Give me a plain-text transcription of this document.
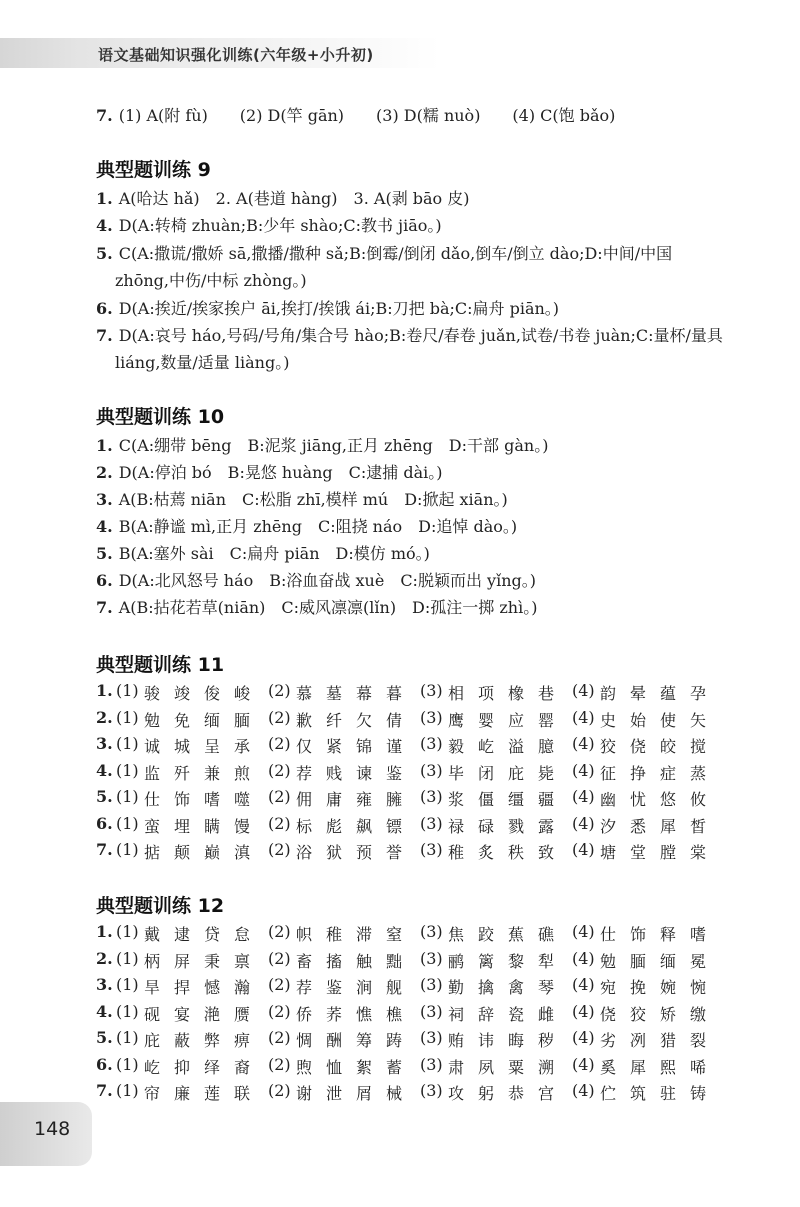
语文基础知识强化训练(六年级+小升初)
7. (1) A(附 fù)　　(2) D(竿 gān)　　(3) D(糯 nuò)　　(4) C(饱 bǎo)
典型题训练 9
1. A(哈达 hǎ)　2. A(巷道 hàng)　3. A(剥 bāo 皮)
4. D(A:转椅 zhuàn;B:少年 shào;C:教书 jiāo。)
5. C(A:撒谎/撒娇 sā,撒播/撒种 sǎ;B:倒霉/倒闭 dǎo,倒车/倒立 dào;D:中间/中国
zhōng,中伤/中标 zhòng。)
6. D(A:挨近/挨家挨户 āi,挨打/挨饿 ái;B:刀把 bà;C:扁舟 piān。)
7. D(A:哀号 háo,号码/号角/集合号 hào;B:卷尺/春卷 juǎn,试卷/书卷 juàn;C:量杯/量具
liáng,数量/适量 liàng。)
典型题训练 10
1. C(A:绷带 bēng　B:泥浆 jiāng,正月 zhēng　D:干部 gàn。)
2. D(A:停泊 bó　B:晃悠 huàng　C:逮捕 dài。)
3. A(B:枯蔫 niān　C:松脂 zhī,模样 mú　D:掀起 xiān。)
4. B(A:静谧 mì,正月 zhēng　C:阻挠 náo　D:追悼 dào。)
5. B(A:塞外 sài　C:扁舟 piān　D:模仿 mó。)
6. D(A:北风怒号 háo　B:浴血奋战 xuè　C:脱颖而出 yǐng。)
7. A(B:拈花若草(niān)　C:威风凛凛(lǐn)　D:孤注一掷 zhì。)
典型题训练 11
1. (1) 骏 竣 俊 峻 (2) 慕 墓 幕 暮 (3) 相 项 橡 巷 (4) 韵 晕 蕴 孕
2. (1) 勉 免 缅 腼 (2) 歉 纤 欠 倩 (3) 鹰 婴 应 罂 (4) 史 始 使 矢
3. (1) 诚 城 呈 承 (2) 仅 紧 锦 谨 (3) 毅 屹 溢 臆 (4) 狡 侥 皎 搅
4. (1) 监 歼 兼 煎 (2) 荐 贱 谏 鉴 (3) 毕 闭 庇 毙 (4) 征 挣 症 蒸
5. (1) 仕 饰 嗜 噬 (2) 佣 庸 雍 臃 (3) 浆 僵 缰 疆 (4) 幽 忧 悠 攸
6. (1) 蛮 埋 瞒 馒 (2) 标 彪 飙 镖 (3) 禄 碌 戮 露 (4) 汐 悉 犀 皙
7. (1) 掂 颠 巅 滇 (2) 浴 狱 预 誉 (3) 稚 炙 秩 致 (4) 塘 堂 膛 棠
典型题训练 12
1. (1) 戴 逮 贷 怠 (2) 帜 稚 滞 窒 (3) 焦 跤 蕉 礁 (4) 仕 饰 释 嗜
2. (1) 柄 屏 秉 禀 (2) 畜 搐 触 黜 (3) 鹂 篱 黎 犁 (4) 勉 腼 缅 冕
3. (1) 旱 捍 憾 瀚 (2) 荐 鉴 涧 舰 (3) 勤 擒 禽 琴 (4) 宛 挽 婉 惋
4. (1) 砚 宴 滟 赝 (2) 侨 荞 憔 樵 (3) 祠 辞 瓷 雌 (4) 侥 狡 矫 缴
5. (1) 庇 蔽 弊 痹 (2) 惆 酬 筹 踌 (3) 贿 讳 晦 秽 (4) 劣 冽 猎 裂
6. (1) 屹 抑 绎 裔 (2) 煦 恤 絮 蓄 (3) 肃 夙 粟 溯 (4) 奚 犀 熙 唏
7. (1) 帘 廉 莲 联 (2) 谢 泄 屑 械 (3) 攻 躬 恭 宫 (4) 伫 筑 驻 铸
148
